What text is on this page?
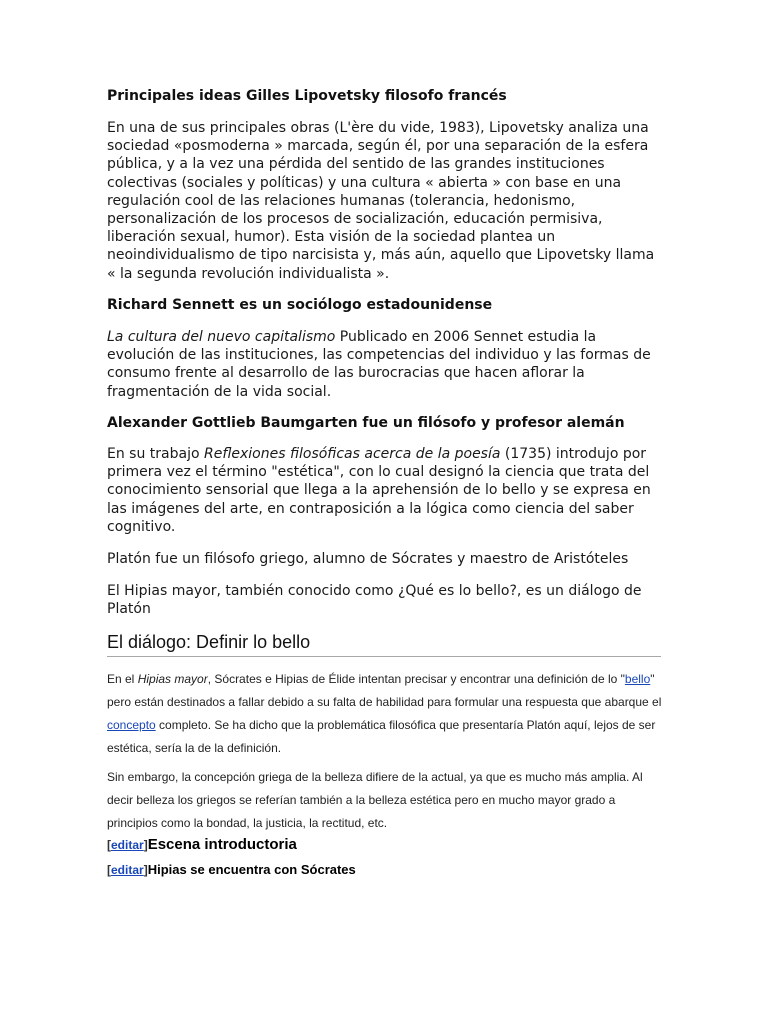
Principales ideas Gilles Lipovetsky filosofo francés

En una de sus principales obras (L'ère du vide, 1983), Lipovetsky analiza una sociedad «posmoderna » marcada, según él, por una separación de la esfera pública, y a la vez una pérdida del sentido de las grandes instituciones colectivas (sociales y políticas) y una cultura « abierta » con base en una regulación cool de las relaciones humanas (tolerancia, hedonismo, personalización de los procesos de socialización, educación permisiva, liberación sexual, humor). Esta visión de la sociedad plantea un neoindividualismo de tipo narcisista y, más aún, aquello que Lipovetsky llama « la segunda revolución individualista ».

Richard Sennett es un sociólogo estadounidense

La cultura del nuevo capitalismo Publicado en 2006 Sennet estudia la evolución de las instituciones, las competencias del individuo y las formas de consumo frente al desarrollo de las burocracias que hacen aflorar la fragmentación de la vida social.

Alexander Gottlieb Baumgarten fue un filósofo y profesor alemán

En su trabajo Reflexiones filosóficas acerca de la poesía (1735) introdujo por primera vez el término "estética", con lo cual designó la ciencia que trata del conocimiento sensorial que llega a la aprehensión de lo bello y se expresa en las imágenes del arte, en contraposición a la lógica como ciencia del saber cognitivo.

Platón fue un filósofo griego, alumno de Sócrates y maestro de Aristóteles

El Hipias mayor, también conocido como ¿Qué es lo bello?, es un diálogo de Platón

El diálogo: Definir lo bello

En el Hipias mayor, Sócrates e Hipias de Élide intentan precisar y encontrar una definición de lo "bello" pero están destinados a fallar debido a su falta de habilidad para formular una respuesta que abarque el concepto completo. Se ha dicho que la problemática filosófica que presentaría Platón aquí, lejos de ser estética, sería la de la definición.

Sin embargo, la concepción griega de la belleza difiere de la actual, ya que es mucho más amplia. Al decir belleza los griegos se referían también a la belleza estética pero en mucho mayor grado a principios como la bondad, la justicia, la rectitud, etc.

[editar]Escena introductoria
[editar]Hipias se encuentra con Sócrates
